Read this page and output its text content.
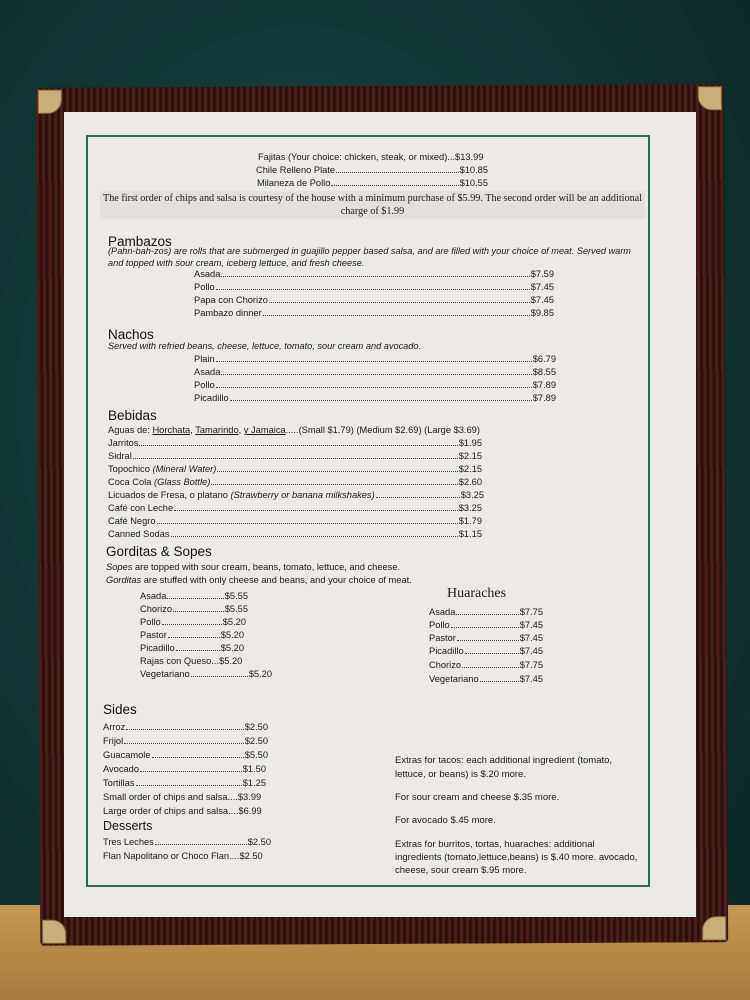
Fajitas (Your choice: chicken, steak, or mixed) ... $13.99
Chile Relleno Plate	$10.85
Milaneza de Pollo	$10.55
The first order of chips and salsa is courtesy of the house with a minimum purchase of $5.99. The second order will be an additional charge of $1.99
Pambazos
(Pahn-bah-zos) are rolls that are submerged in guajillo pepper based salsa, and are filled with your choice of meat. Served warm and topped with sour cream, iceberg lettuce, and fresh cheese.
Asada	$7.59
Pollo	$7.45
Papa con Chorizo	$7.45
Pambazo dinner	$9.85
Nachos
Served with refried beans, cheese, lettuce, tomato, sour cream and avocado.
Plain	$6.79
Asada	$8.55
Pollo	$7.89
Picadillo	$7.89
Bebidas
Aguas de: Horchata, Tamarindo, y Jamaica.....(Small $1.79) (Medium $2.69) (Large $3.69)
Jarritos	$1.95
Sidral	$2.15
Topochico
(Mineral Water)	$2.15
Coca Cola
(Glass Bottle)	$2.60
Licuados de Fresa, o platano
(Strawberry or banana milkshakes)	$3.25
Café con Leche	$3.25
Café Negro	$1.79
Canned Sodas	$1.15
Gorditas & Sopes
Sopes are topped with sour cream, beans, tomato, lettuce, and cheese.
Gorditas are stuffed with only cheese and beans, and your choice of meat.
Asada	$5.55
Chorizo	$5.55
Pollo	$5.20
Pastor	$5.20
Picadillo	$5.20
Rajas con Queso ... $5.20
Vegetariano	$5.20
Huaraches
Asada	$7.75
Pollo	$7.45
Pastor	$7.45
Picadillo	$7.45
Chorizo	$7.75
Vegetariano	$7.45
Sides
Arroz	$2.50
Frijol	$2.50
Guacamole	$5.50
Avocado	$1.50
Tortillas	$1.25
Small order of chips and salsa .... $3.99
Large order of chips and salsa .... $6.99
Desserts
Tres Leches	$2.50
Flan Napolitano or Choco Flan .... $2.50
Extras for tacos: each additional ingredient (tomato, lettuce, or beans) is $.20 more.
For sour cream and cheese $.35 more.
For avocado $.45 more.
Extras for burritos, tortas, huaraches: additional ingredients (tomato,lettuce,beans) is $.40 more. avocado, cheese, sour cream $.95 more.
